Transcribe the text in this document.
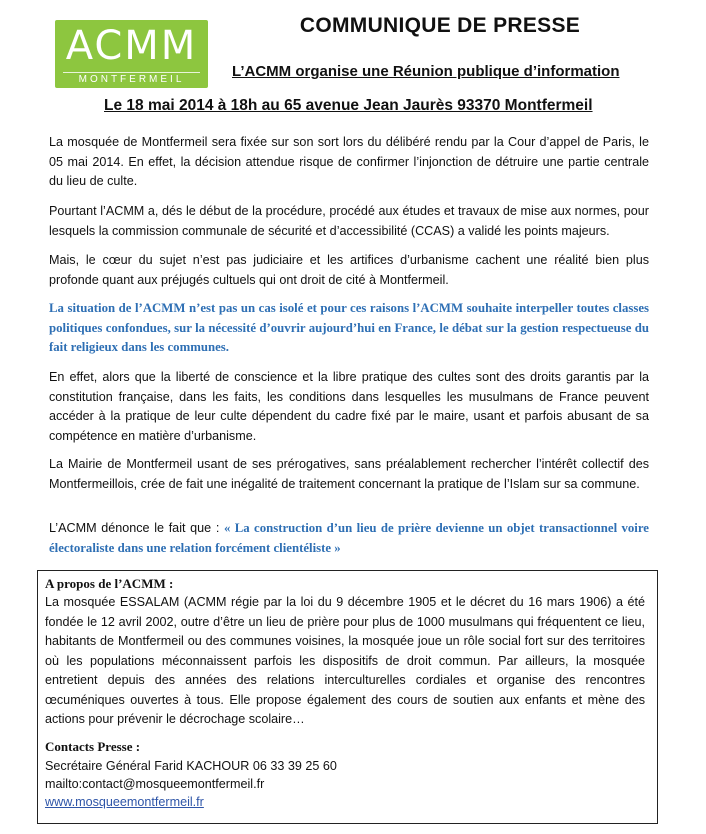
ACMM
MONTFERMEIL
COMMUNIQUE DE PRESSE
L’ACMM organise une Réunion publique d’information
Le 18 mai 2014 à 18h au 65 avenue Jean Jaurès 93370 Montfermeil
La mosquée de Montfermeil sera fixée sur son sort lors du délibéré rendu par la Cour d’appel de Paris, le 05 mai 2014. En effet, la décision attendue risque de confirmer l’injonction de détruire une partie centrale du lieu de culte.
Pourtant l’ACMM a, dés le début de la procédure, procédé aux études et travaux de mise aux normes, pour lesquels la commission communale de sécurité et d’accessibilité (CCAS) a validé les points majeurs.
Mais, le cœur du sujet n’est pas judiciaire et les artifices d’urbanisme cachent une réalité bien plus profonde quant aux préjugés cultuels qui ont droit de cité à Montfermeil.
La situation de l’ACMM n’est pas un cas isolé et pour ces raisons l’ACMM souhaite interpeller toutes classes politiques confondues, sur la nécessité d’ouvrir aujourd’hui en France, le débat sur la gestion respectueuse du fait religieux dans les communes.
En effet, alors que la liberté de conscience et la libre pratique des cultes sont des droits garantis par la constitution française, dans les faits, les conditions dans lesquelles les musulmans de France peuvent accéder à la pratique de leur culte dépendent du cadre fixé par le maire, usant et parfois abusant de sa compétence en matière d’urbanisme.
La Mairie de Montfermeil usant de ses prérogatives, sans préalablement rechercher l’intérêt collectif des Montfermeillois, crée de fait une inégalité de traitement concernant la pratique de l’Islam sur sa commune.
L’ACMM dénonce le fait que : « La construction d’un lieu de prière devienne un objet transactionnel voire électoraliste dans une relation forcément clientéliste »
A propos de l’ACMM :
La mosquée ESSALAM (ACMM régie par la loi du 9 décembre 1905 et le décret du 16 mars 1906) a été fondée le 12 avril 2002, outre d’être un lieu de prière pour plus de 1000 musulmans qui fréquentent ce lieu, habitants de Montfermeil ou des communes voisines, la mosquée joue un rôle social fort sur des territoires où les populations méconnaissent parfois les dispositifs de droit commun. Par ailleurs, la mosquée entretient depuis des années des relations interculturelles cordiales et organise des rencontres œcuméniques ouvertes à tous. Elle propose également des cours de soutien aux enfants et mène des actions pour prévenir le décrochage scolaire…
Contacts Presse :
Secrétaire Général Farid KACHOUR 06 33 39 25 60
mailto:contact@mosqueemontfermeil.fr
www.mosqueemontfermeil.fr
